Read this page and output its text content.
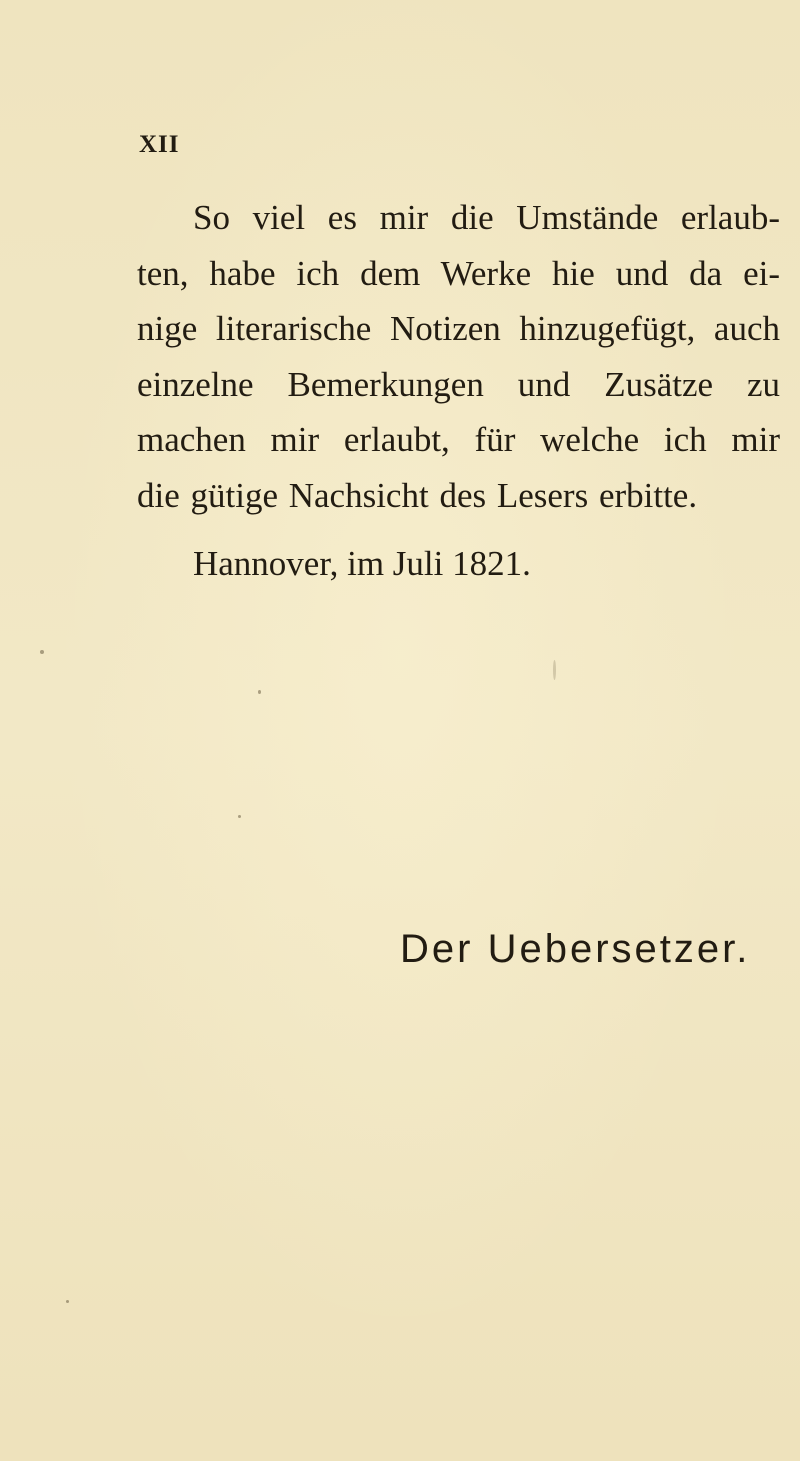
XII
So viel es mir die Umstände erlaub-
ten, habe ich dem Werke hie und da ei-
nige literarische Notizen hinzugefügt, auch
einzelne Bemerkungen und Zusätze zu
machen mir erlaubt, für welche ich mir
die gütige Nachsicht des Lesers erbitte.
Hannover, im Juli 1821.
Der Uebersetzer.
